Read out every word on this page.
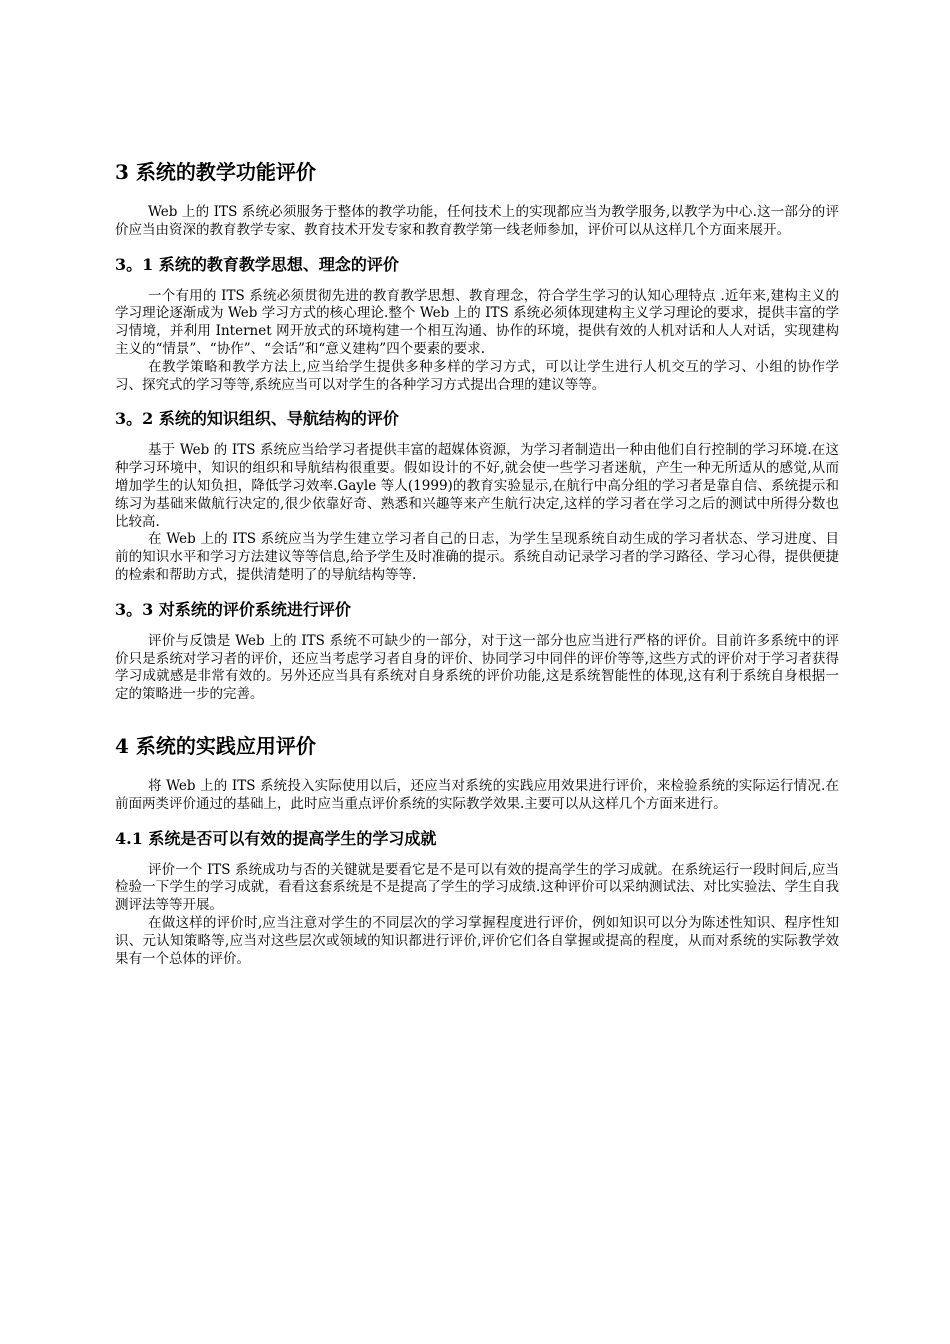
3 系统的教学功能评价

Web 上的 ITS 系统必须服务于整体的教学功能，任何技术上的实现都应当为教学服务,以教学为中心.这一部分的评价应当由资深的教育教学专家、教育技术开发专家和教育教学第一线老师参加，评价可以从这样几个方面来展开。

3。1 系统的教育教学思想、理念的评价

一个有用的 ITS 系统必须贯彻先进的教育教学思想、教育理念，符合学生学习的认知心理特点 .近年来,建构主义的学习理论逐渐成为 Web 学习方式的核心理论.整个 Web 上的 ITS 系统必须体现建构主义学习理论的要求，提供丰富的学习情境，并利用 Internet 网开放式的环境构建一个相互沟通、协作的环境，提供有效的人机对话和人人对话，实现建构主义的“情景”、“协作”、“会话”和“意义建构”四个要素的要求.

在教学策略和教学方法上,应当给学生提供多种多样的学习方式，可以让学生进行人机交互的学习、小组的协作学习、探究式的学习等等,系统应当可以对学生的各种学习方式提出合理的建议等等。

3。2 系统的知识组织、导航结构的评价

基于 Web 的 ITS 系统应当给学习者提供丰富的超媒体资源，为学习者制造出一种由他们自行控制的学习环境.在这种学习环境中，知识的组织和导航结构很重要。假如设计的不好,就会使一些学习者迷航，产生一种无所适从的感觉,从而增加学生的认知负担，降低学习效率.Gayle 等人(1999)的教育实验显示,在航行中高分组的学习者是靠自信、系统提示和练习为基础来做航行决定的,很少依靠好奇、熟悉和兴趣等来产生航行决定,这样的学习者在学习之后的测试中所得分数也比较高.

在 Web 上的 ITS 系统应当为学生建立学习者自己的日志，为学生呈现系统自动生成的学习者状态、学习进度、目前的知识水平和学习方法建议等等信息,给予学生及时准确的提示。系统自动记录学习者的学习路径、学习心得，提供便捷的检索和帮助方式，提供清楚明了的导航结构等等.

3。3 对系统的评价系统进行评价

评价与反馈是 Web 上的 ITS 系统不可缺少的一部分，对于这一部分也应当进行严格的评价。目前许多系统中的评价只是系统对学习者的评价，还应当考虑学习者自身的评价、协同学习中同伴的评价等等,这些方式的评价对于学习者获得学习成就感是非常有效的。另外还应当具有系统对自身系统的评价功能,这是系统智能性的体现,这有利于系统自身根据一定的策略进一步的完善。

4 系统的实践应用评价

将 Web 上的 ITS 系统投入实际使用以后，还应当对系统的实践应用效果进行评价，来检验系统的实际运行情况.在前面两类评价通过的基础上，此时应当重点评价系统的实际教学效果.主要可以从这样几个方面来进行。

4.1 系统是否可以有效的提高学生的学习成就

评价一个 ITS 系统成功与否的关键就是要看它是不是可以有效的提高学生的学习成就。在系统运行一段时间后,应当检验一下学生的学习成就，看看这套系统是不是提高了学生的学习成绩.这种评价可以采纳测试法、对比实验法、学生自我测评法等等开展。

在做这样的评价时,应当注意对学生的不同层次的学习掌握程度进行评价，例如知识可以分为陈述性知识、程序性知识、元认知策略等,应当对这些层次或领域的知识都进行评价,评价它们各自掌握或提高的程度，从而对系统的实际教学效果有一个总体的评价。
